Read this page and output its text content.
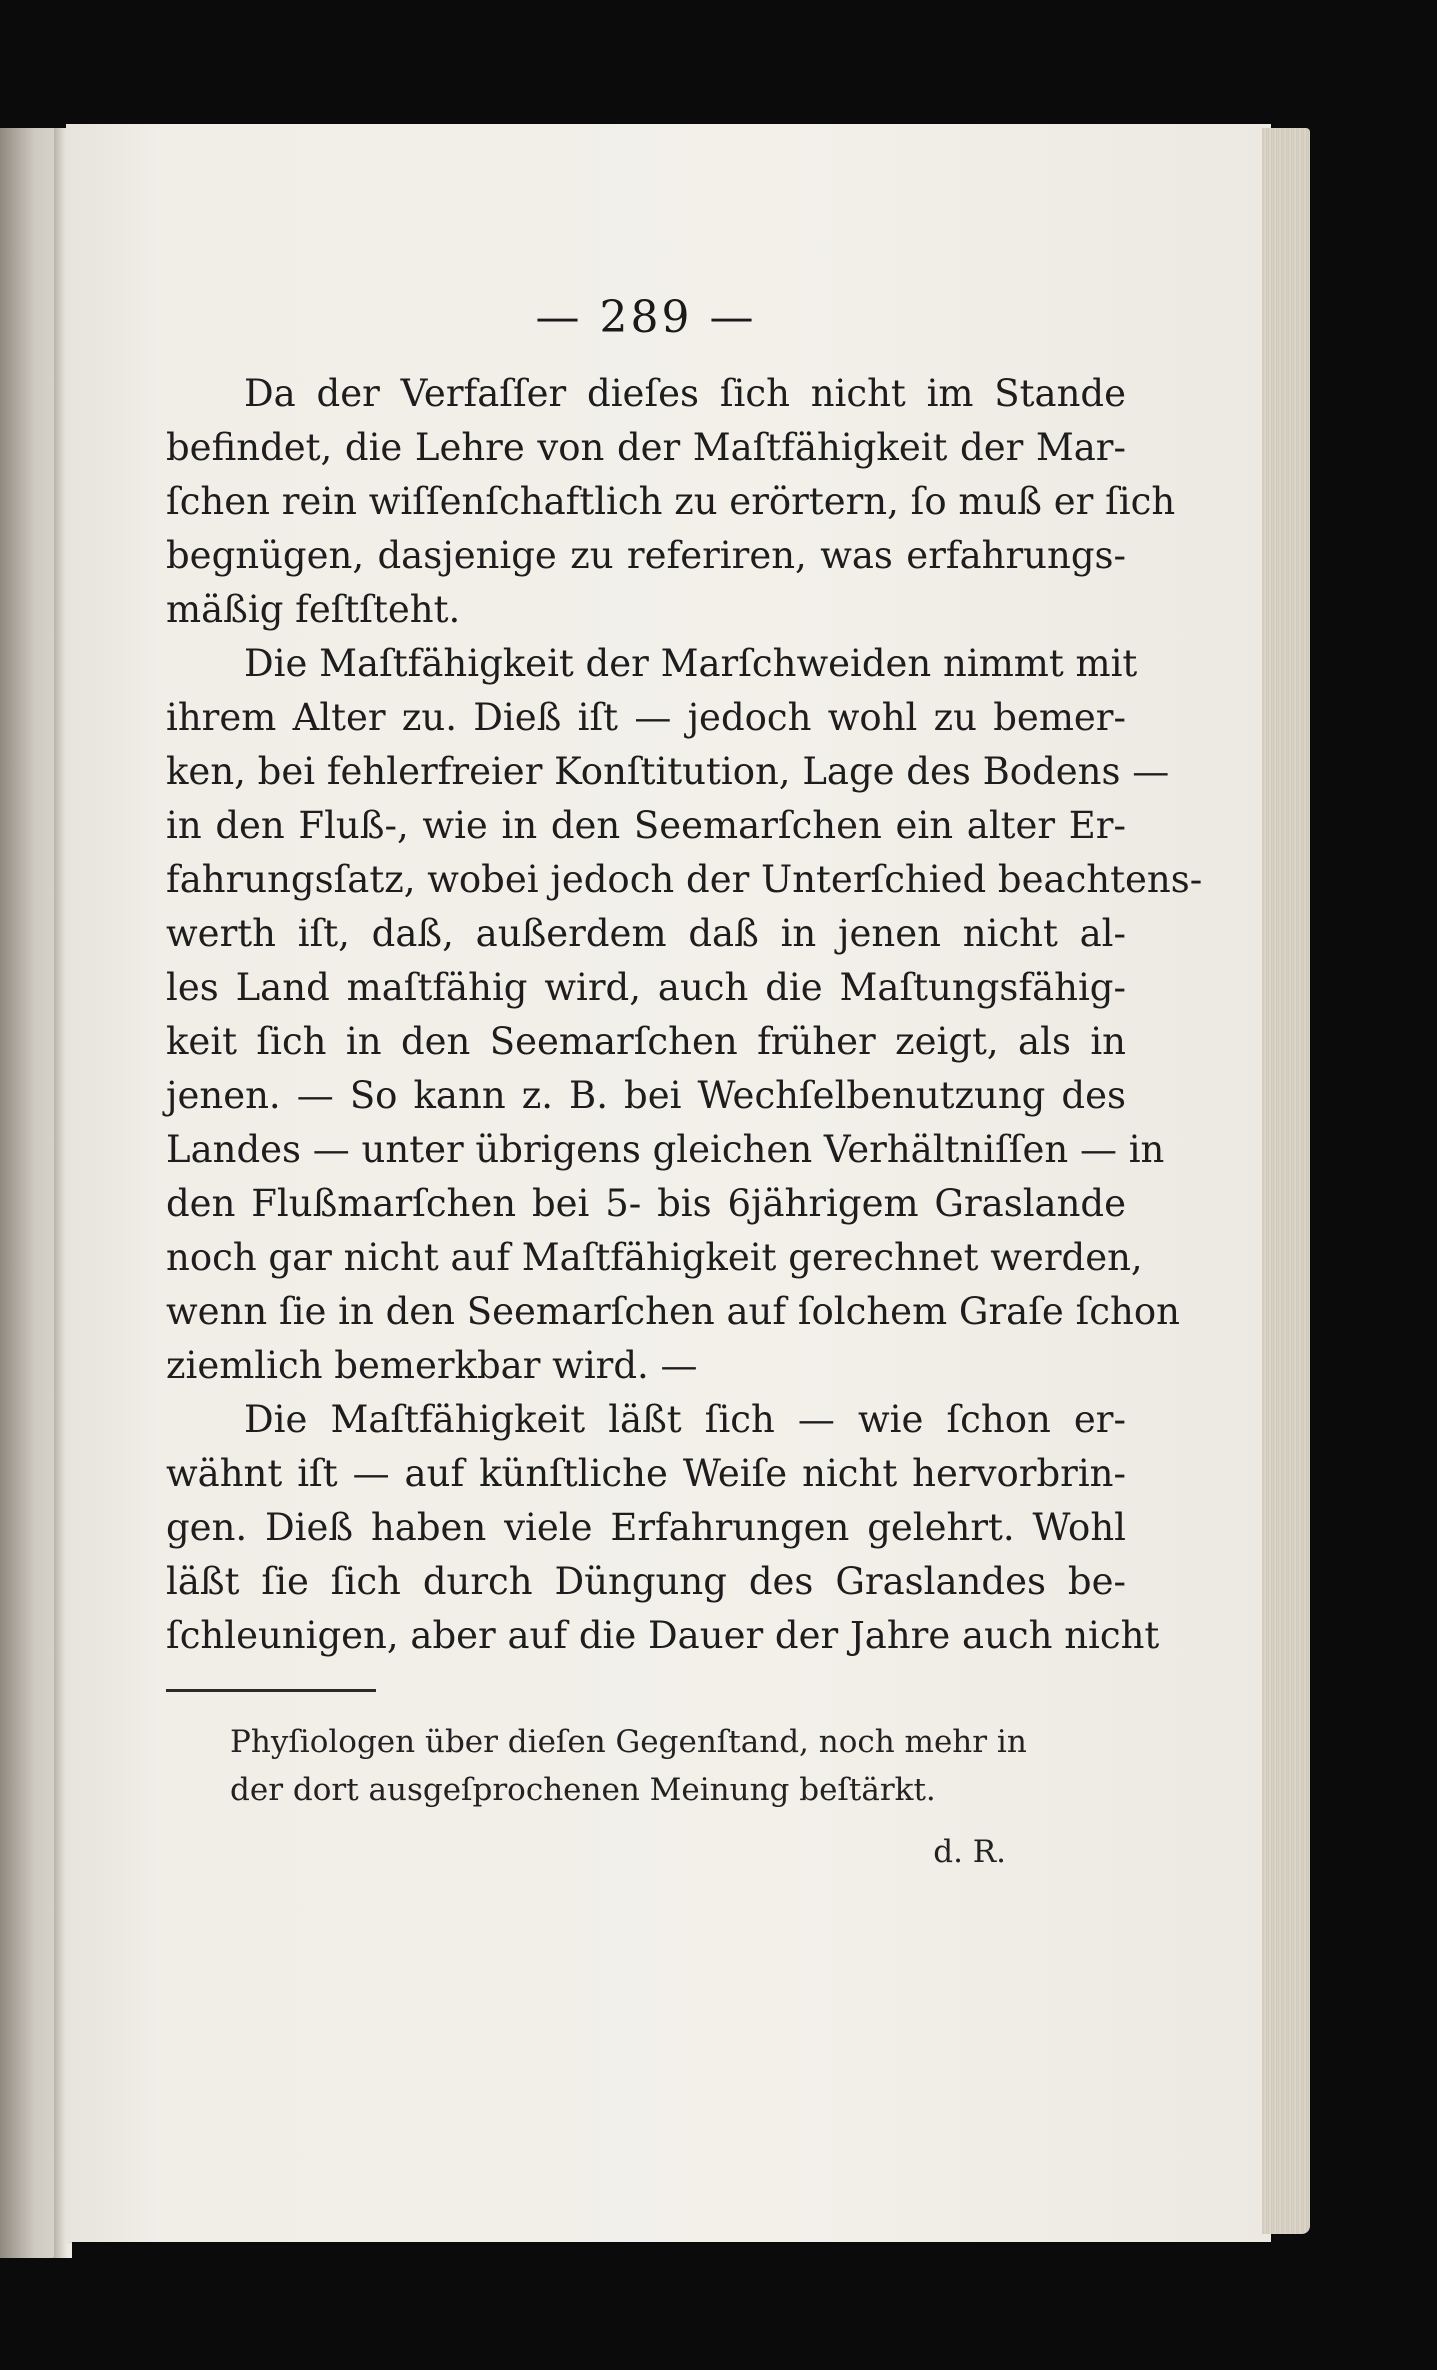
— 289 —

Da der Verfaſſer dieſes ſich nicht im Stande
befindet, die Lehre von der Maſtfähigkeit der Mar-
ſchen rein wiſſenſchaftlich zu erörtern, ſo muß er ſich
begnügen, dasjenige zu referiren, was erfahrungs-
mäßig feſtſteht.

Die Maſtfähigkeit der Marſchweiden nimmt mit
ihrem Alter zu. Dieß iſt — jedoch wohl zu bemer-
ken, bei fehlerfreier Konſtitution, Lage des Bodens —
in den Fluß-, wie in den Seemarſchen ein alter Er-
fahrungsſatz, wobei jedoch der Unterſchied beachtens-
werth iſt, daß, außerdem daß in jenen nicht al-
les Land maſtfähig wird, auch die Maſtungsfähig-
keit ſich in den Seemarſchen früher zeigt, als in
jenen. — So kann z. B. bei Wechſelbenutzung des
Landes — unter übrigens gleichen Verhältniſſen — in
den Flußmarſchen bei 5- bis 6jährigem Graslande
noch gar nicht auf Maſtfähigkeit gerechnet werden,
wenn ſie in den Seemarſchen auf ſolchem Graſe ſchon
ziemlich bemerkbar wird. —

Die Maſtfähigkeit läßt ſich — wie ſchon er-
wähnt iſt — auf künſtliche Weiſe nicht hervorbrin-
gen. Dieß haben viele Erfahrungen gelehrt. Wohl
läßt ſie ſich durch Düngung des Graslandes be-
ſchleunigen, aber auf die Dauer der Jahre auch nicht

Phyſiologen über dieſen Gegenſtand, noch mehr in
der dort ausgeſprochenen Meinung beſtärkt.

d. R.
